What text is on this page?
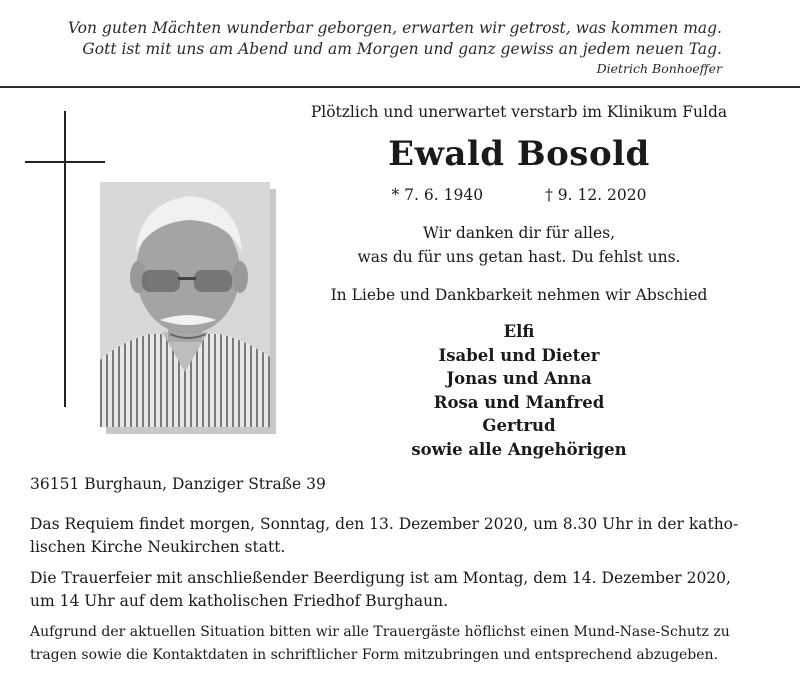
Von guten Mächten wunderbar geborgen, erwarten wir getrost, was kommen mag.
Gott ist mit uns am Abend und am Morgen und ganz gewiss an jedem neuen Tag.
Dietrich Bonhoeffer
Plötzlich und unerwartet verstarb im Klinikum Fulda
Ewald Bosold
* 7. 6. 1940	† 9. 12. 2020
Wir danken dir für alles,
was du für uns getan hast. Du fehlst uns.
In Liebe und Dankbarkeit nehmen wir Abschied
Elfi
Isabel und Dieter
Jonas und Anna
Rosa und Manfred
Gertrud
sowie alle Angehörigen
36151 Burghaun, Danziger Straße 39
Das Requiem findet morgen, Sonntag, den 13. Dezember 2020, um 8.30 Uhr in der katho-
lischen Kirche Neukirchen statt.
Die Trauerfeier mit anschließender Beerdigung ist am Montag, dem 14. Dezember 2020,
um 14 Uhr auf dem katholischen Friedhof Burghaun.
Aufgrund der aktuellen Situation bitten wir alle Trauergäste höflichst einen Mund-Nase-Schutz zu
tragen sowie die Kontaktdaten in schriftlicher Form mitzubringen und entsprechend abzugeben.
